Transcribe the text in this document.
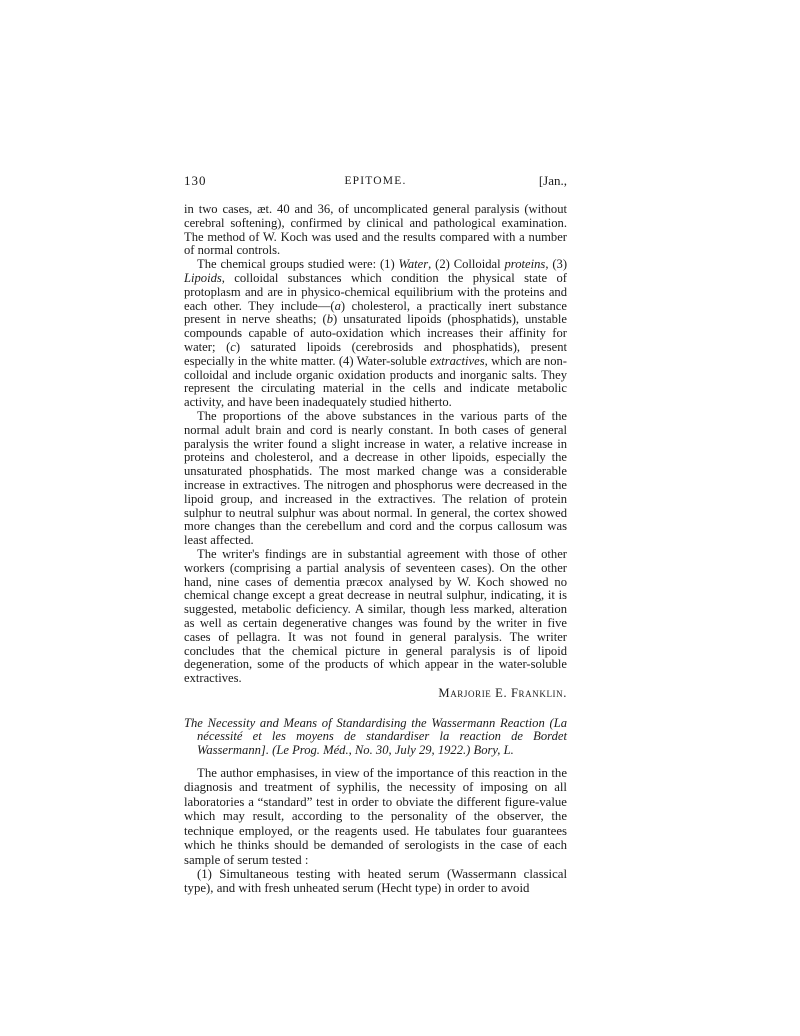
130	EPITOME.	[Jan.,

in two cases, æt. 40 and 36, of uncomplicated general paralysis (without cerebral softening), confirmed by clinical and pathological examination. The method of W. Koch was used and the results compared with a number of normal controls.

The chemical groups studied were: (1) Water, (2) Colloidal proteins, (3) Lipoids, colloidal substances which condition the physical state of protoplasm and are in physico-chemical equilibrium with the proteins and each other. They include—(a) cholesterol, a practically inert substance present in nerve sheaths; (b) unsaturated lipoids (phosphatids), unstable compounds capable of auto-oxidation which increases their affinity for water; (c) saturated lipoids (cerebrosids and phosphatids), present especially in the white matter. (4) Water-soluble extractives, which are non-colloidal and include organic oxidation products and inorganic salts. They represent the circulating material in the cells and indicate metabolic activity, and have been inadequately studied hitherto.

The proportions of the above substances in the various parts of the normal adult brain and cord is nearly constant. In both cases of general paralysis the writer found a slight increase in water, a relative increase in proteins and cholesterol, and a decrease in other lipoids, especially the unsaturated phosphatids. The most marked change was a considerable increase in extractives. The nitrogen and phosphorus were decreased in the lipoid group, and increased in the extractives. The relation of protein sulphur to neutral sulphur was about normal. In general, the cortex showed more changes than the cerebellum and cord and the corpus callosum was least affected.

The writer's findings are in substantial agreement with those of other workers (comprising a partial analysis of seventeen cases). On the other hand, nine cases of dementia præcox analysed by W. Koch showed no chemical change except a great decrease in neutral sulphur, indicating, it is suggested, metabolic deficiency. A similar, though less marked, alteration as well as certain degenerative changes was found by the writer in five cases of pellagra. It was not found in general paralysis. The writer concludes that the chemical picture in general paralysis is of lipoid degeneration, some of the products of which appear in the water-soluble extractives.

Marjorie E. Franklin.

The Necessity and Means of Standardising the Wassermann Reaction (La nécessité et les moyens de standardiser la reaction de Bordet Wassermann]. (Le Prog. Méd., No. 30, July 29, 1922.) Bory, L.

The author emphasises, in view of the importance of this reaction in the diagnosis and treatment of syphilis, the necessity of imposing on all laboratories a “standard” test in order to obviate the different figure-value which may result, according to the personality of the observer, the technique employed, or the reagents used. He tabulates four guarantees which he thinks should be demanded of serologists in the case of each sample of serum tested :

(1) Simultaneous testing with heated serum (Wassermann classical type), and with fresh unheated serum (Hecht type) in order to avoid
